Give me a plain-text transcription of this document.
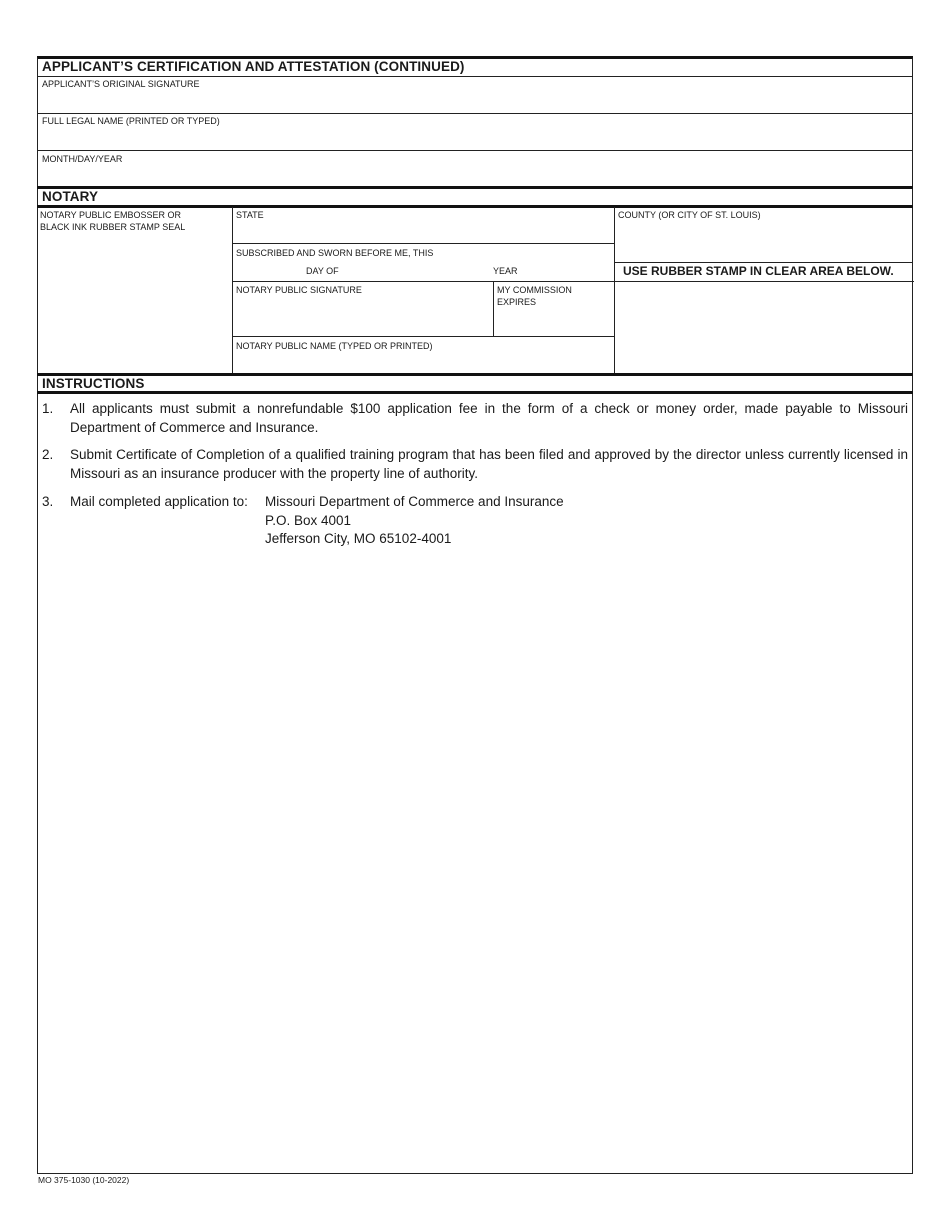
APPLICANT’S CERTIFICATION AND ATTESTATION (CONTINUED)
APPLICANT’S ORIGINAL SIGNATURE
FULL LEGAL NAME (PRINTED OR TYPED)
MONTH/DAY/YEAR
NOTARY
NOTARY PUBLIC EMBOSSER OR BLACK INK RUBBER STAMP SEAL
STATE	COUNTY (OR CITY OF ST. LOUIS)
SUBSCRIBED AND SWORN BEFORE ME, THIS
DAY OF	YEAR	USE RUBBER STAMP IN CLEAR AREA BELOW.
NOTARY PUBLIC SIGNATURE	MY COMMISSION EXPIRES
NOTARY PUBLIC NAME (TYPED OR PRINTED)
INSTRUCTIONS
1. All applicants must submit a nonrefundable $100 application fee in the form of a check or money order, made payable to Missouri Department of Commerce and Insurance.
2. Submit Certificate of Completion of a qualified training program that has been filed and approved by the director unless currently licensed in Missouri as an insurance producer with the property line of authority.
3. Mail completed application to: Missouri Department of Commerce and Insurance
P.O. Box 4001
Jefferson City, MO 65102-4001
MO 375-1030 (10-2022)
